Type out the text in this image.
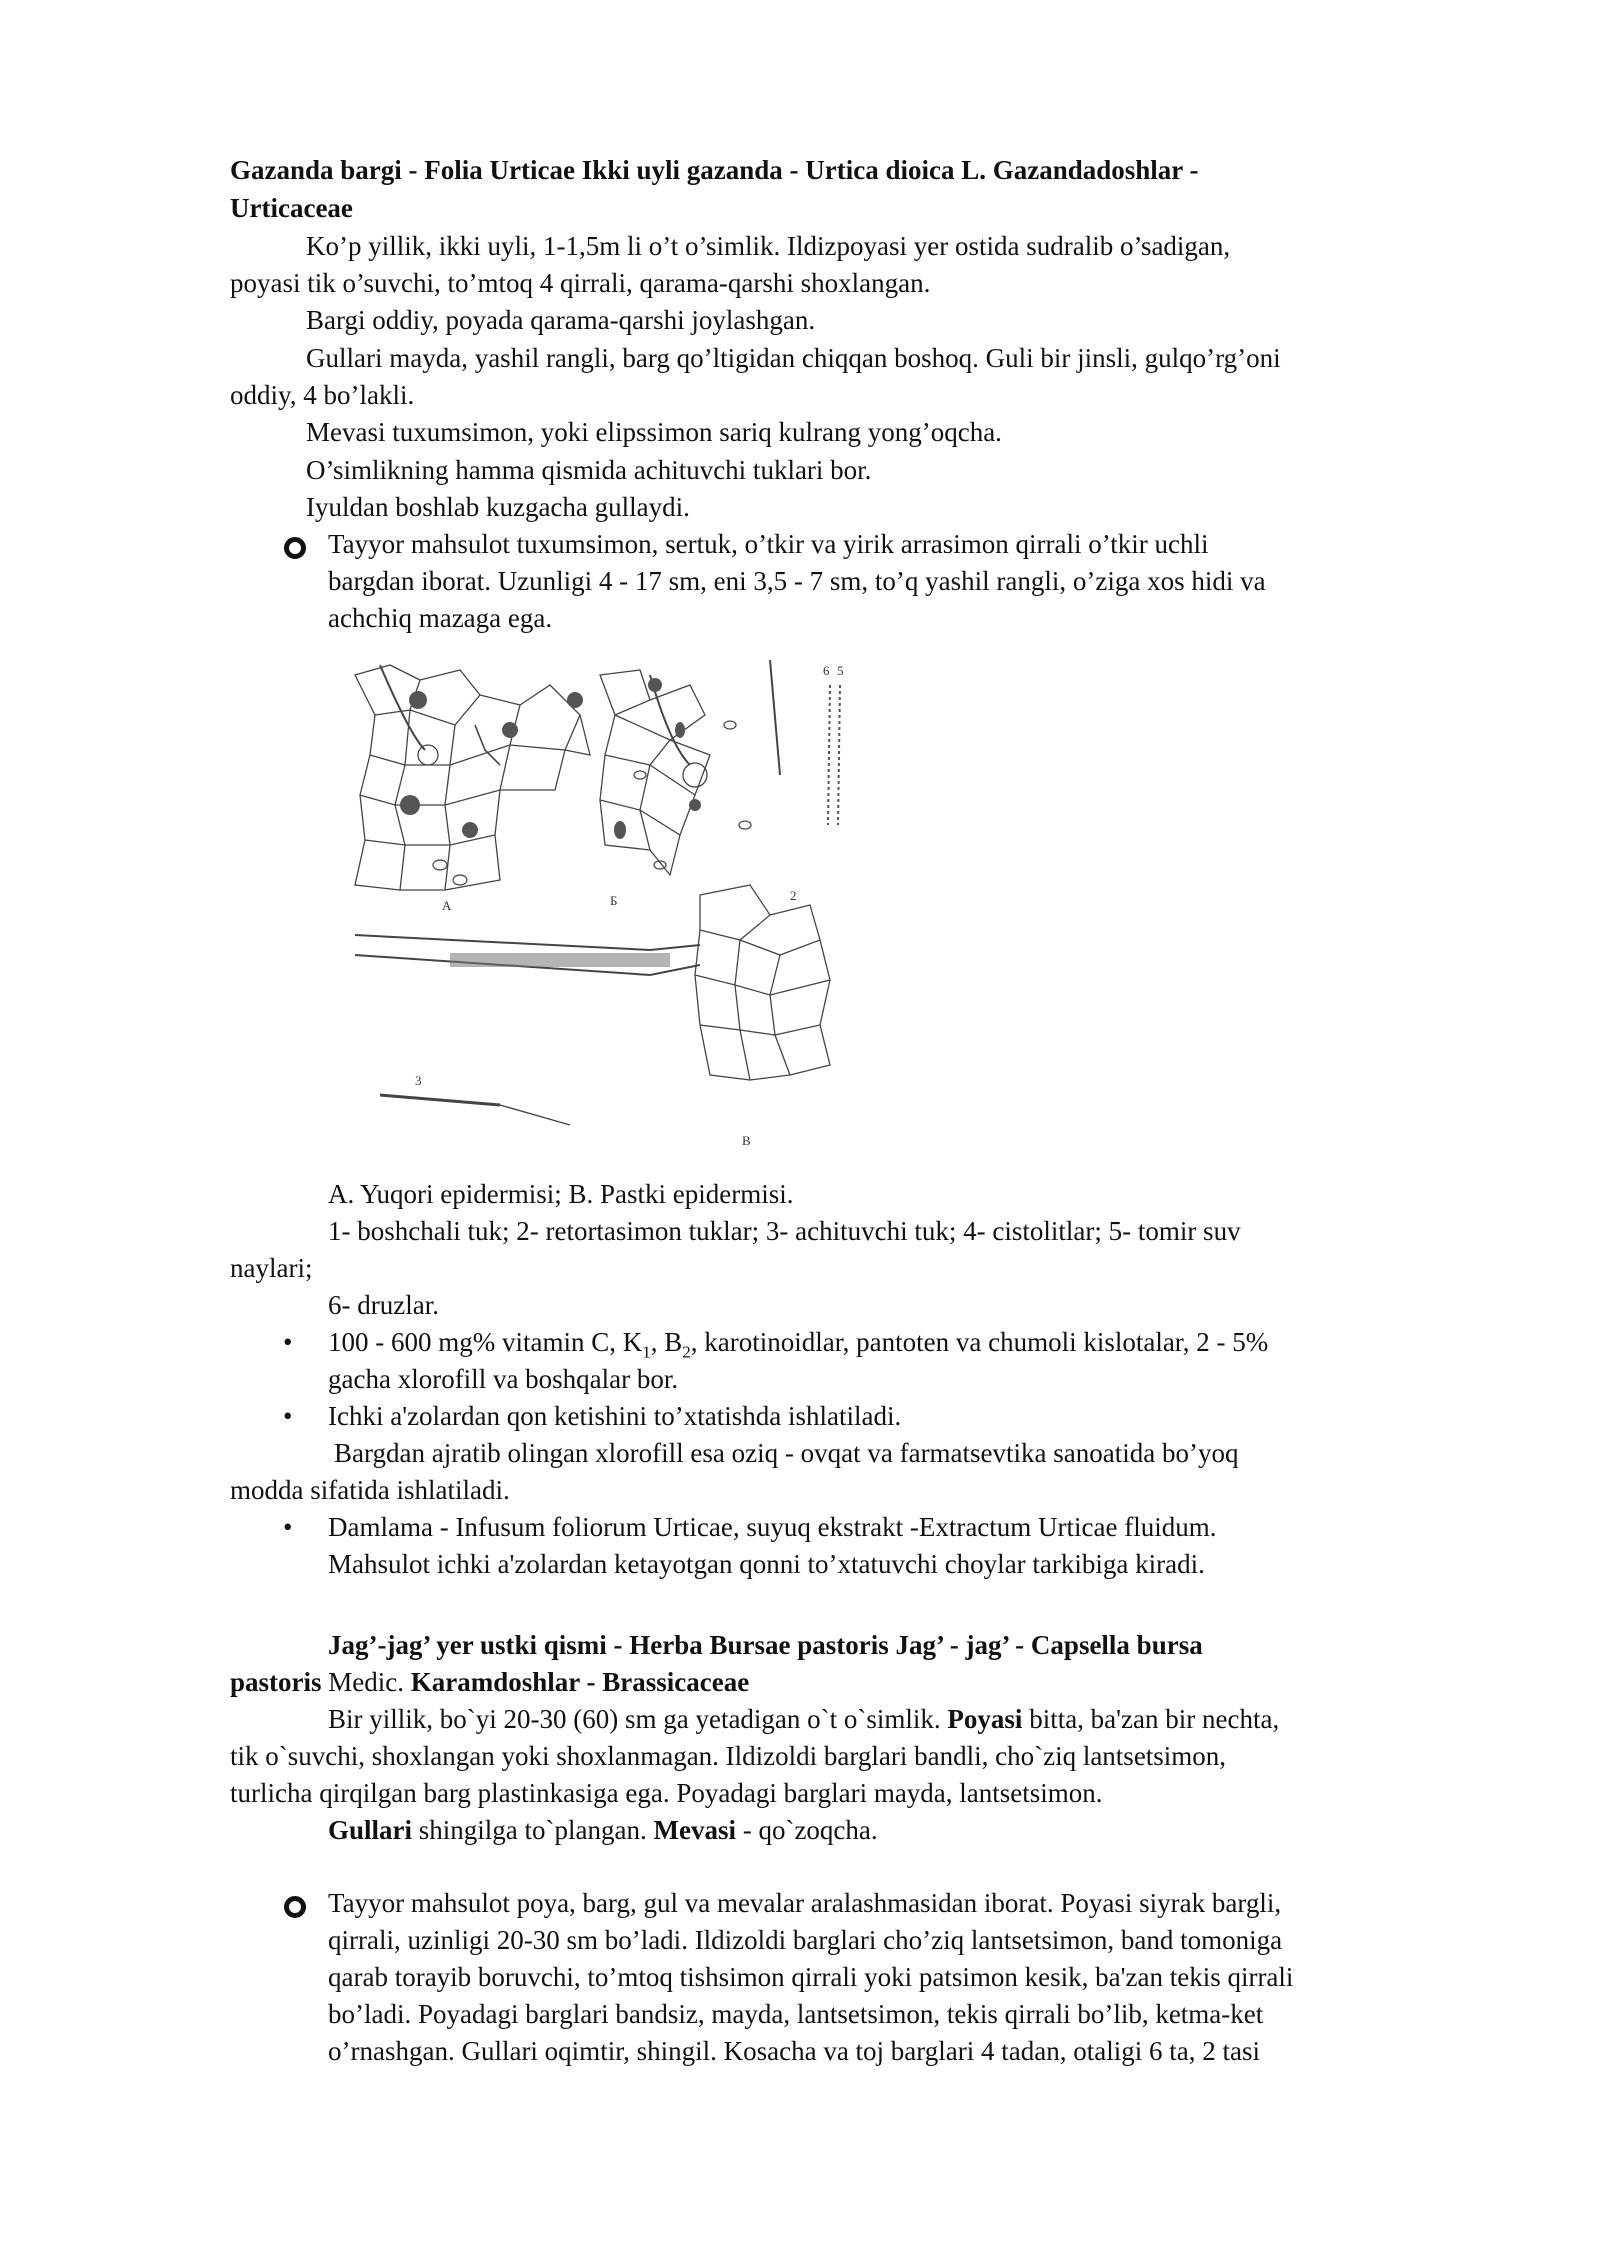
Gazanda bargi - Folia Urticae Ikki uyli gazanda - Urtica dioica L. Gazandadoshlar -
Urticaceae
Ko’p yillik, ikki uyli, 1-1,5m li o’t o’simlik. Ildizpoyasi yer ostida sudralib o’sadigan,
poyasi tik o’suvchi, to’mtoq 4 qirrali, qarama-qarshi shoxlangan.
Bargi oddiy, poyada qarama-qarshi joylashgan.
Gullari mayda, yashil rangli, barg qo’ltigidan chiqqan boshoq. Guli bir jinsli, gulqo’rg’oni
oddiy, 4 bo’lakli.
Mevasi tuxumsimon, yoki elipssimon sariq kulrang yong’oqcha.
O’simlikning hamma qismida achituvchi tuklari bor.
Iyuldan boshlab kuzgacha gullaydi.
Tayyor mahsulot tuxumsimon, sertuk, o’tkir va yirik arrasimon qirrali o’tkir uchli
bargdan iborat. Uzunligi 4 - 17 sm, eni 3,5 - 7 sm, to’q yashil rangli, o’ziga xos hidi va
achchiq mazaga ega.
А	Б
В
2
3
6 5
A. Yuqori epidermisi; B. Pastki epidermisi.
1- boshchali tuk; 2- retortasimon tuklar; 3- achituvchi tuk; 4- cistolitlar; 5- tomir suv
naylari;
6- druzlar.
• 100 - 600 mg% vitamin C, $K_1$, $B_2$, karotinoidlar, pantoten va chumoli kislotalar, 2 - 5%
gacha xlorofill va boshqalar bor.
• Ichki a'zolardan qon ketishini to’xtatishda ishlatiladi.
Bargdan ajratib olingan xlorofill esa oziq - ovqat va farmatsevtika sanoatida bo’yoq
modda sifatida ishlatiladi.
• Damlama - Infusum foliorum Urticae, suyuq ekstrakt -Extractum Urticae fluidum.
Mahsulot ichki a'zolardan ketayotgan qonni to’xtatuvchi choylar tarkibiga kiradi.
Jag’-jag’ yer ustki qismi - Herba Bursae pastoris Jag’ - jag’ - Capsella bursa
pastoris Medic. Karamdoshlar - Brassicaceae
Bir yillik, bo`yi 20-30 (60) sm ga yetadigan o`t o`simlik. Poyasi bitta, ba'zan bir nechta,
tik o`suvchi, shoxlangan yoki shoxlanmagan. Ildizoldi barglari bandli, cho`ziq lantsetsimon,
turlicha qirqilgan barg plastinkasiga ega. Poyadagi barglari mayda, lantsetsimon.
Gullari shingilga to`plangan. Mevasi - qo`zoqcha.
Tayyor mahsulot poya, barg, gul va mevalar aralashmasidan iborat. Poyasi siyrak bargli,
qirrali, uzinligi 20-30 sm bo’ladi. Ildizoldi barglari cho’ziq lantsetsimon, band tomoniga
qarab torayib boruvchi, to’mtoq tishsimon qirrali yoki patsimon kesik, ba'zan tekis qirrali
bo’ladi. Poyadagi barglari bandsiz, mayda, lantsetsimon, tekis qirrali bo’lib, ketma-ket
o’rnashgan. Gullari oqimtir, shingil. Kosacha va toj barglari 4 tadan, otaligi 6 ta, 2 tasi
